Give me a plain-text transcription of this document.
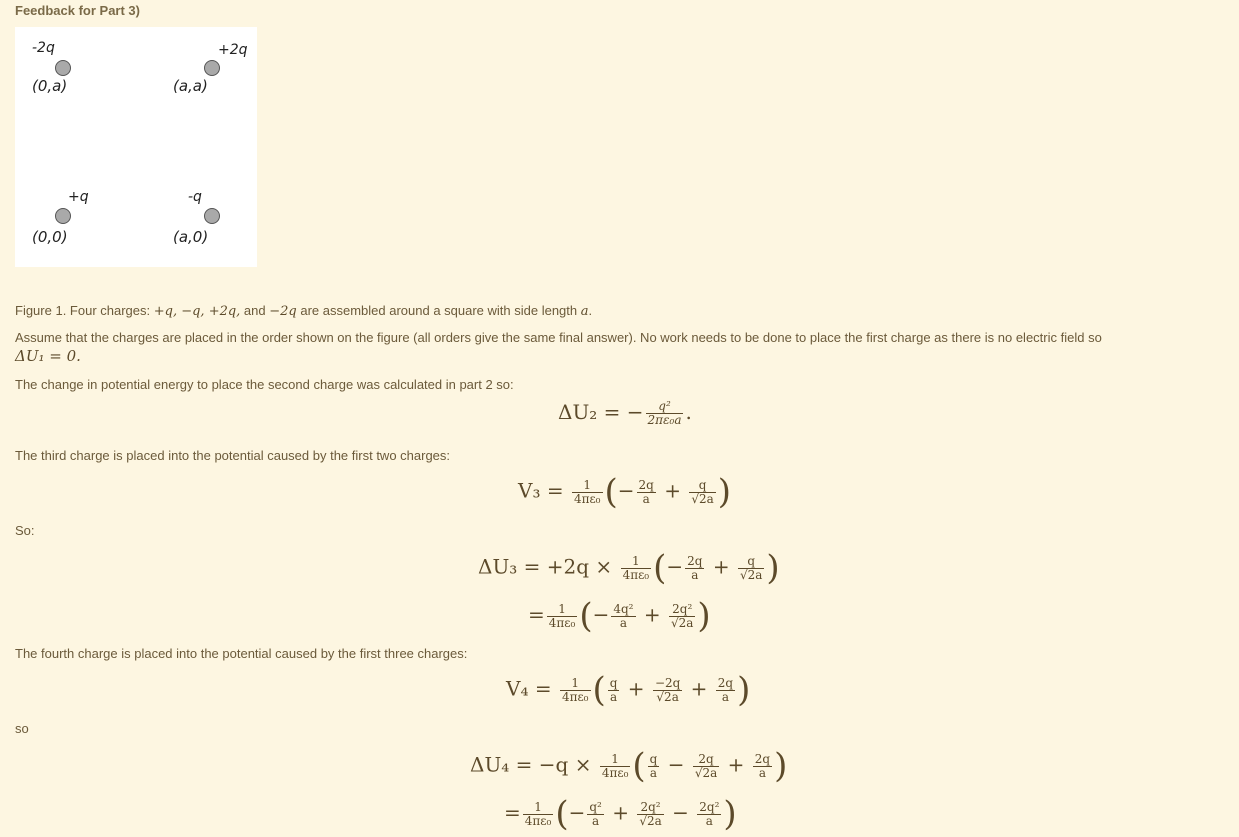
Feedback for Part 3)
-2q
(0,a)
+2q
(a,a)
+q
(0,0)
-q
(a,0)
Figure 1. Four charges: +q, −q, +2q, and −2q are assembled around a square with side length a.
Assume that the charges are placed in the order shown on the figure (all orders give the same final answer). No work needs to be done to place the first charge as there is no electric field so
ΔU₁ = 0.
The change in potential energy to place the second charge was calculated in part 2 so:
ΔU₂ = − $\frac{\text{q²}}{\text{2πε₀a}}$ .
The third charge is placed into the potential caused by the first two charges:
$V_3 = \frac{1}{\text{4πε₀}}$ (− $\frac{2q}{a} + \frac{q}{√2a}$ )
So:
$\Delta U_3 = +2q \times \frac{1}{\text{4πε₀}}$ (− $\frac{2q}{a} + \frac{q}{√2a}$ )
= $\frac{1}{\text{4πε₀}}$ (− $\frac{\text{4q²}}{a} + \frac{\text{2q²}}{√2a}$ )
The fourth charge is placed into the potential caused by the first three charges:
$V_4 = \frac{1}{\text{4πε₀}}$ ( $\frac{q}{a} + \frac{-2q}{√2a} + \frac{2q}{a}$ )
so
$\Delta U_4 = -q \times \frac{1}{\text{4πε₀}}$ ( $\frac{q}{a} - \frac{2q}{√2a} + \frac{2q}{a}$ )
= $\frac{1}{\text{4πε₀}}$ (− $\frac{\text{q²}}{a} + \frac{\text{2q²}}{√2a} - \frac{\text{2q²}}{a}$ )
